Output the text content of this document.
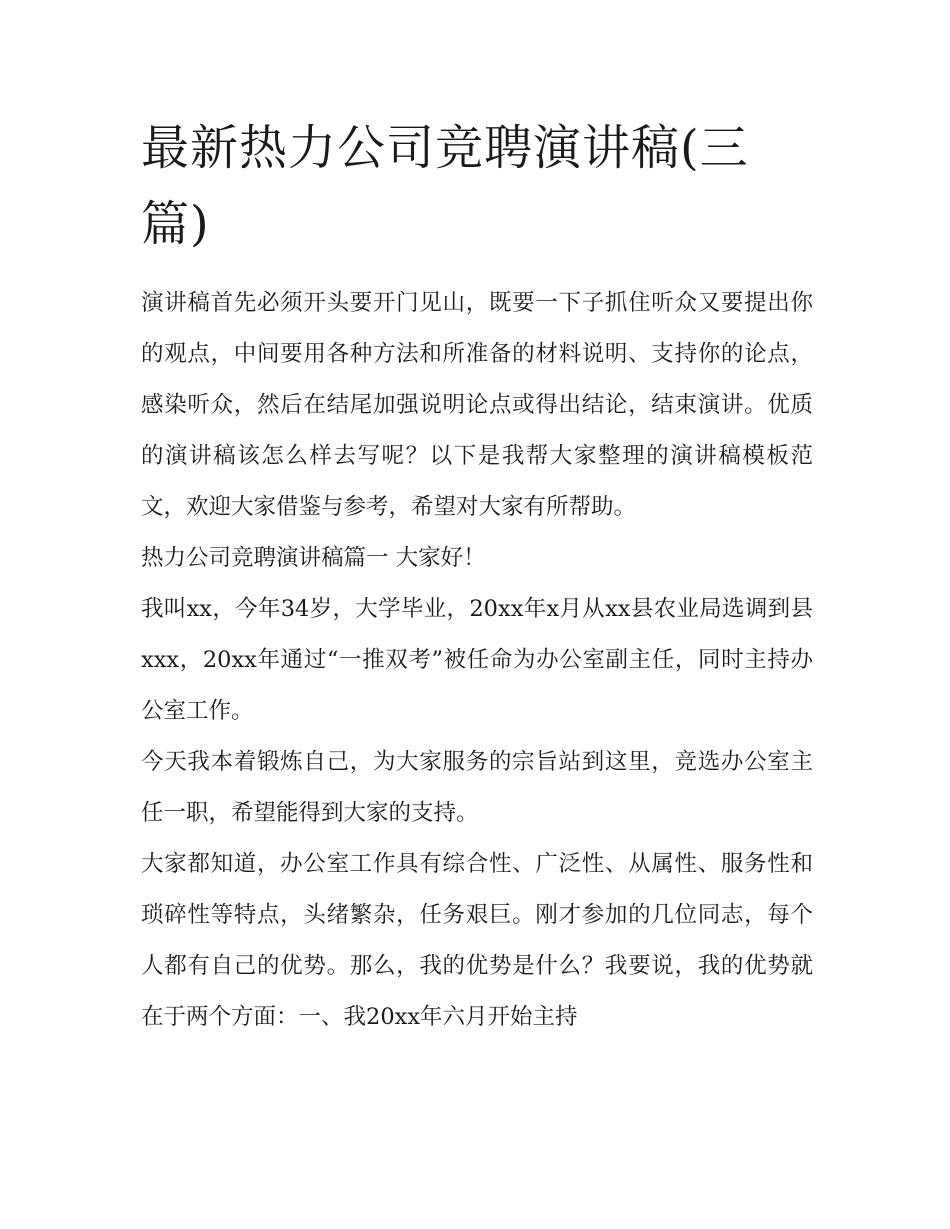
最新热力公司竞聘演讲稿(三篇)

演讲稿首先必须开头要开门见山，既要一下子抓住听众又要提出你的观点，中间要用各种方法和所准备的材料说明、支持你的论点，感染听众，然后在结尾加强说明论点或得出结论，结束演讲。优质的演讲稿该怎么样去写呢？以下是我帮大家整理的演讲稿模板范文，欢迎大家借鉴与参考，希望对大家有所帮助。

热力公司竞聘演讲稿篇一 大家好！

我叫xx，今年34岁，大学毕业，20xx年x月从xx县农业局选调到县xxx，20xx年通过“一推双考”被任命为办公室副主任，同时主持办公室工作。

今天我本着锻炼自己，为大家服务的宗旨站到这里，竞选办公室主任一职，希望能得到大家的支持。

大家都知道，办公室工作具有综合性、广泛性、从属性、服务性和琐碎性等特点，头绪繁杂，任务艰巨。刚才参加的几位同志，每个人都有自己的优势。那么，我的优势是什么？我要说，我的优势就在于两个方面：一、我20xx年六月开始主持
